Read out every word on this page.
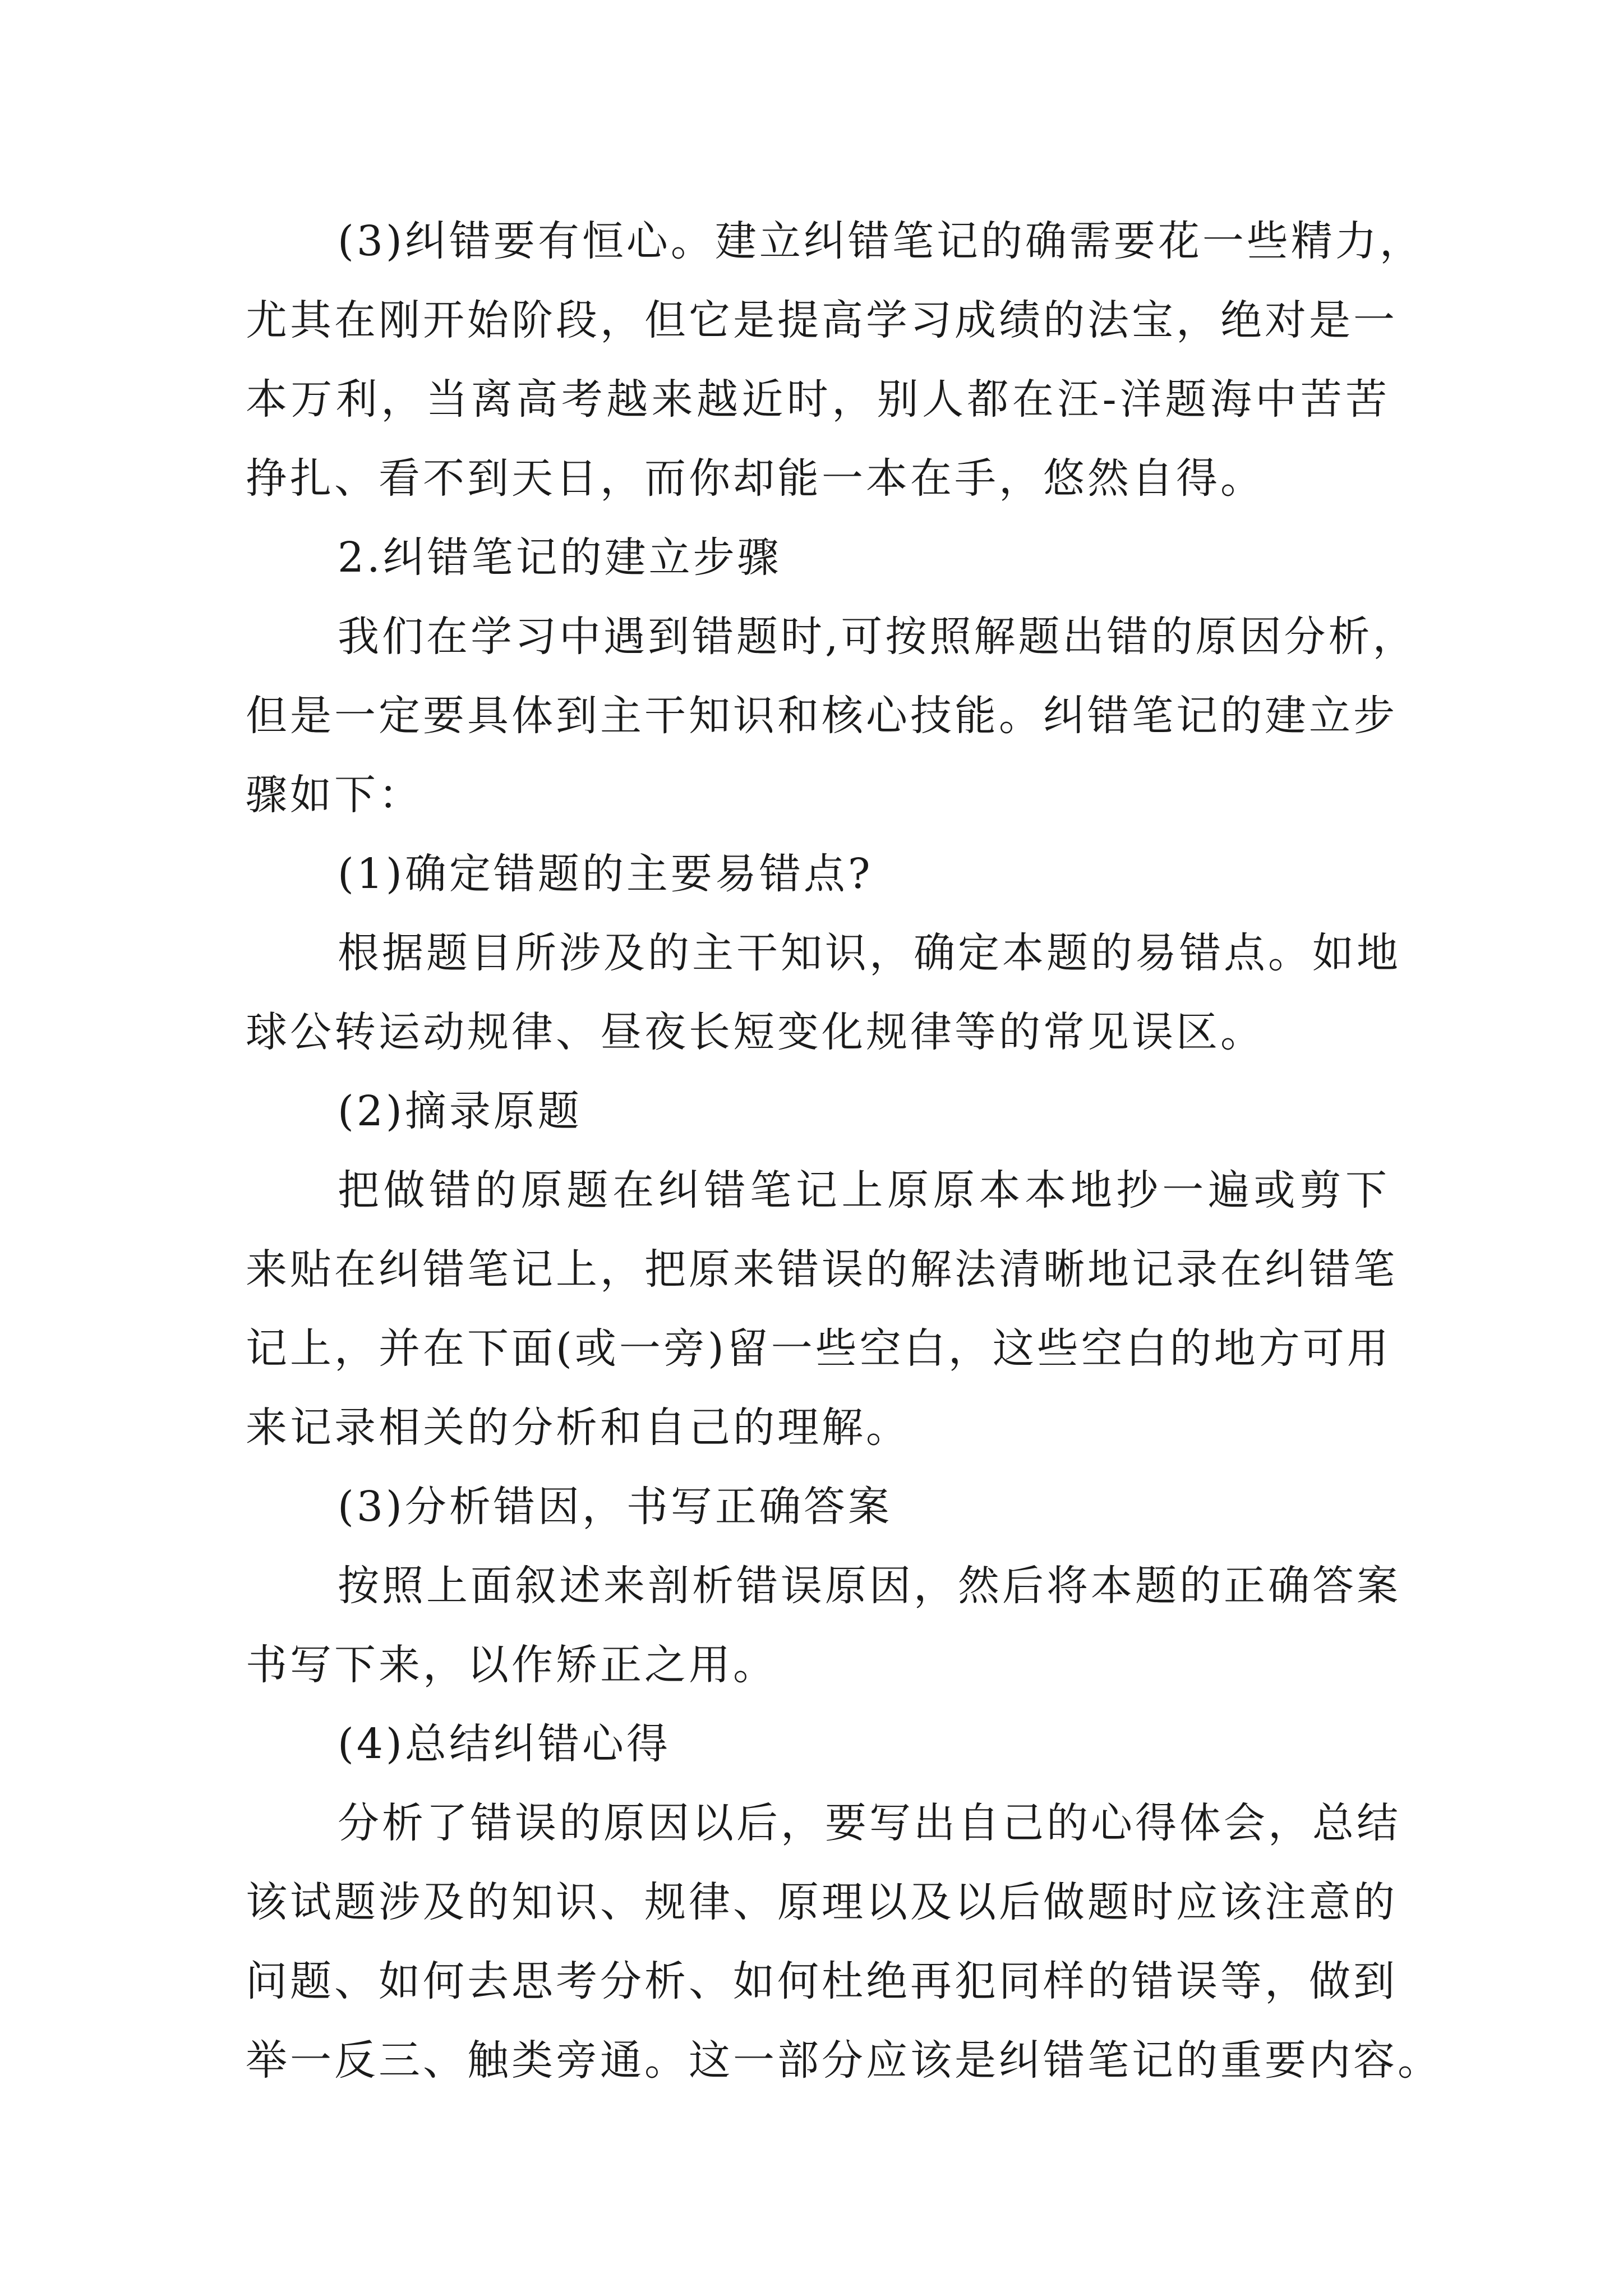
(3)纠错要有恒心。建立纠错笔记的确需要花一些精力，
尤其在刚开始阶段，但它是提高学习成绩的法宝，绝对是一
本万利，当离高考越来越近时，别人都在汪-洋题海中苦苦
挣扎、看不到天日，而你却能一本在手，悠然自得。
2.纠错笔记的建立步骤
我们在学习中遇到错题时,可按照解题出错的原因分析，
但是一定要具体到主干知识和核心技能。纠错笔记的建立步
骤如下：
(1)确定错题的主要易错点?
根据题目所涉及的主干知识，确定本题的易错点。如地
球公转运动规律、昼夜长短变化规律等的常见误区。
(2)摘录原题
把做错的原题在纠错笔记上原原本本地抄一遍或剪下
来贴在纠错笔记上，把原来错误的解法清晰地记录在纠错笔
记上，并在下面(或一旁)留一些空白，这些空白的地方可用
来记录相关的分析和自己的理解。
(3)分析错因，书写正确答案
按照上面叙述来剖析错误原因，然后将本题的正确答案
书写下来，以作矫正之用。
(4)总结纠错心得
分析了错误的原因以后，要写出自己的心得体会，总结
该试题涉及的知识、规律、原理以及以后做题时应该注意的
问题、如何去思考分析、如何杜绝再犯同样的错误等，做到
举一反三、触类旁通。这一部分应该是纠错笔记的重要内容。
